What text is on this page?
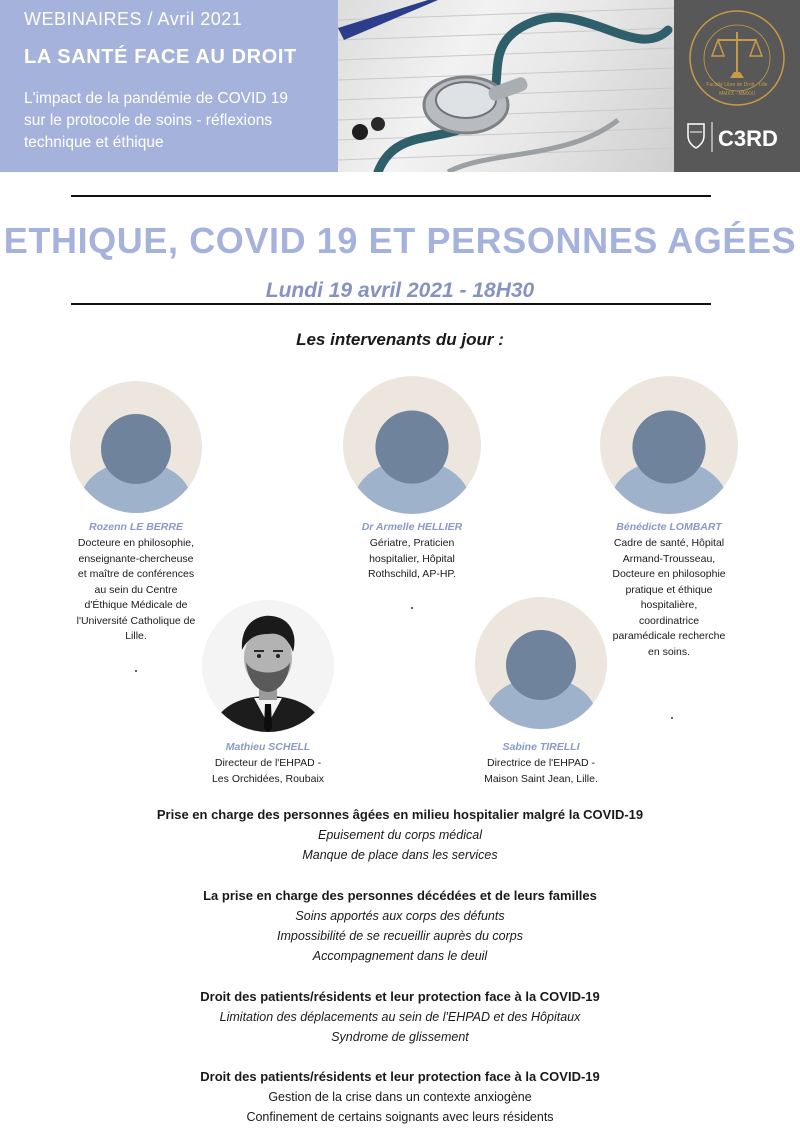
WEBINAIRES / Avril 2021
LA SANTÉ FACE AU DROIT
L'impact de la pandémie de COVID 19
sur le protocole de soins - réflexions
technique et éthique
Faculté Libre de Droit - Lille
MMXX - MMXXI
C3RD
ETHIQUE, COVID 19 ET PERSONNES AGÉES
Lundi 19 avril 2021 - 18H30
Les intervenants du jour :
Rozenn LE BERRE
Docteure en philosophie,
enseignante-chercheuse
et maître de conférences
au sein du Centre
d'Éthique Médicale de
l'Université Catholique de
Lille.
Dr Armelle HELLIER
Gériatre, Praticien
hospitalier, Hôpital
Rothschild, AP-HP.
Bénédicte LOMBART
Cadre de santé, Hôpital
Armand-Trousseau,
Docteure en philosophie
pratique et éthique
hospitalière,
coordinatrice
paramédicale recherche
en soins.
Mathieu SCHELL
Directeur de l'EHPAD -
Les Orchidées, Roubaix
Sabine TIRELLI
Directrice de l'EHPAD -
Maison Saint Jean, Lille.
Prise en charge des personnes âgées en milieu hospitalier malgré la COVID-19
Epuisement du corps médical
Manque de place dans les services
La prise en charge des personnes décédées et de leurs familles
Soins apportés aux corps des défunts
Impossibilité de se recueillir auprès du corps
Accompagnement dans le deuil
Droit des patients/résidents et leur protection face à la COVID-19
Limitation des déplacements au sein de l'EHPAD et des Hôpitaux
Syndrome de glissement
Droit des patients/résidents et leur protection face à la COVID-19
Gestion de la crise dans un contexte anxiogène
Confinement de certains soignants avec leurs résidents
